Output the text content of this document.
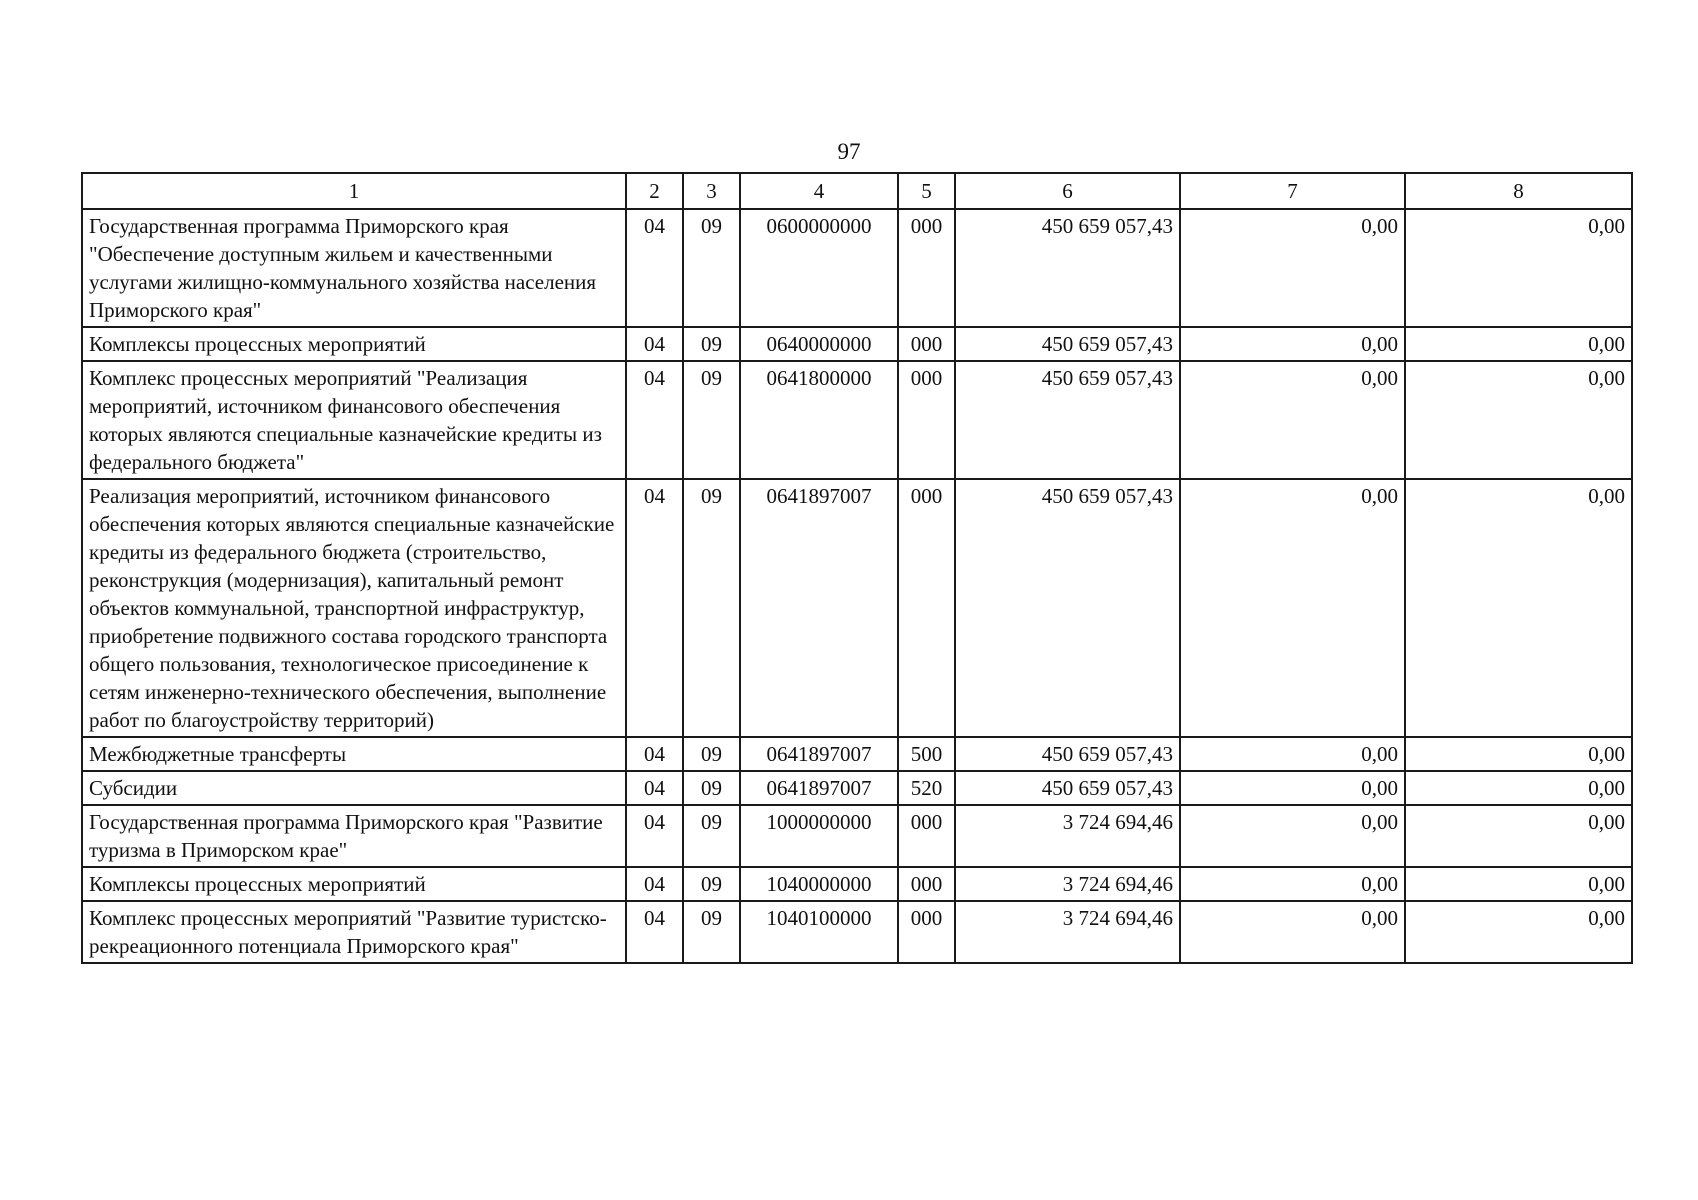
97
1	2	3	4	5	6	7	8
Государственная программа Приморского края "Обеспечение доступным жильем и качественными услугами жилищно-коммунального хозяйства населения Приморского края"	04	09	0600000000	000	450 659 057,43	0,00	0,00
Комплексы процессных мероприятий	04	09	0640000000	000	450 659 057,43	0,00	0,00
Комплекс процессных мероприятий "Реализация мероприятий, источником финансового обеспечения которых являются специальные казначейские кредиты из федерального бюджета"	04	09	0641800000	000	450 659 057,43	0,00	0,00
Реализация мероприятий, источником финансового обеспечения которых являются специальные казначейские кредиты из федерального бюджета (строительство, реконструкция (модернизация), капитальный ремонт объектов коммунальной, транспортной инфраструктур, приобретение подвижного состава городского транспорта общего пользования, технологическое присоединение к сетям инженерно-технического обеспечения, выполнение работ по благоустройству территорий)	04	09	0641897007	000	450 659 057,43	0,00	0,00
Межбюджетные трансферты	04	09	0641897007	500	450 659 057,43	0,00	0,00
Субсидии	04	09	0641897007	520	450 659 057,43	0,00	0,00
Государственная программа Приморского края "Развитие туризма в Приморском крае"	04	09	1000000000	000	3 724 694,46	0,00	0,00
Комплексы процессных мероприятий	04	09	1040000000	000	3 724 694,46	0,00	0,00
Комплекс процессных мероприятий "Развитие туристско-рекреационного потенциала Приморского края"	04	09	1040100000	000	3 724 694,46	0,00	0,00
